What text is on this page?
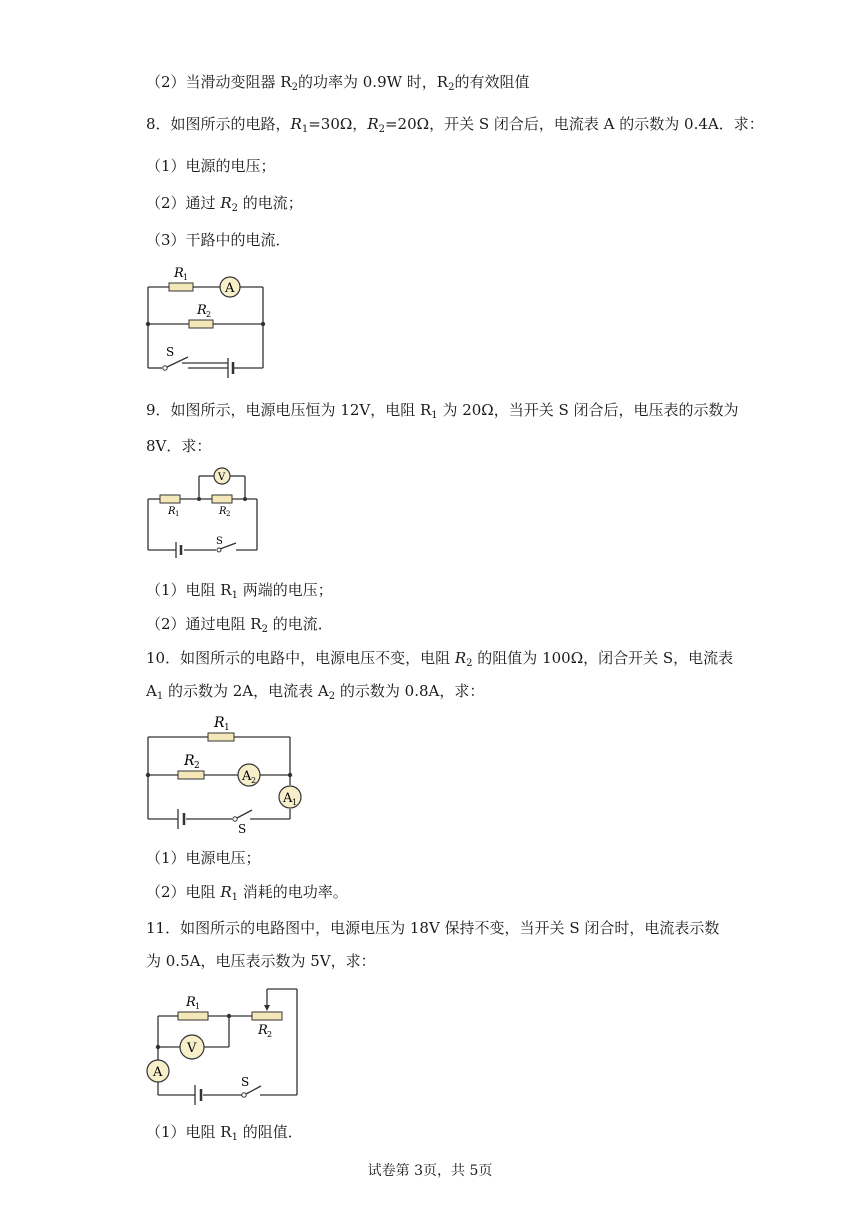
（2）当滑动变阻器 $R_2$的功率为 0.9W 时，$R_2$的有效阻值
8．如图所示的电路，$R_1=30\Omega$，$R_2=20\Omega$，开关 S 闭合后，电流表 A 的示数为 0.4A．求：
（1）电源的电压；
（2）通过 $R_2$ 的电流；
（3）干路中的电流．
A
R 1
R 2
S
9．如图所示，电源电压恒为 12V，电阻 $R_1$ 为 20Ω，当开关 S 闭合后，电压表的示数为
8V．求：
V
R 1	R 2
S
（1）电阻 $R_1$ 两端的电压；
（2）通过电阻 $R_2$ 的电流．
10．如图所示的电路中，电源电压不变，电阻 $R_2$ 的阻值为 100Ω，闭合开关 S，电流表
$A_1$ 的示数为 2A，电流表 $A_2$ 的示数为 0.8A，求：
R 1
R 2
A 2
A 1
S
（1）电源电压；
（2）电阻 $R_1$ 消耗的电功率。
11．如图所示的电路图中，电源电压为 18V 保持不变，当开关 S 闭合时，电流表示数
为 0.5A，电压表示数为 5V，求：
R 1
R 2
V
A
S
（1）电阻 $R_1$ 的阻值．
试卷第 3页，共 5页
